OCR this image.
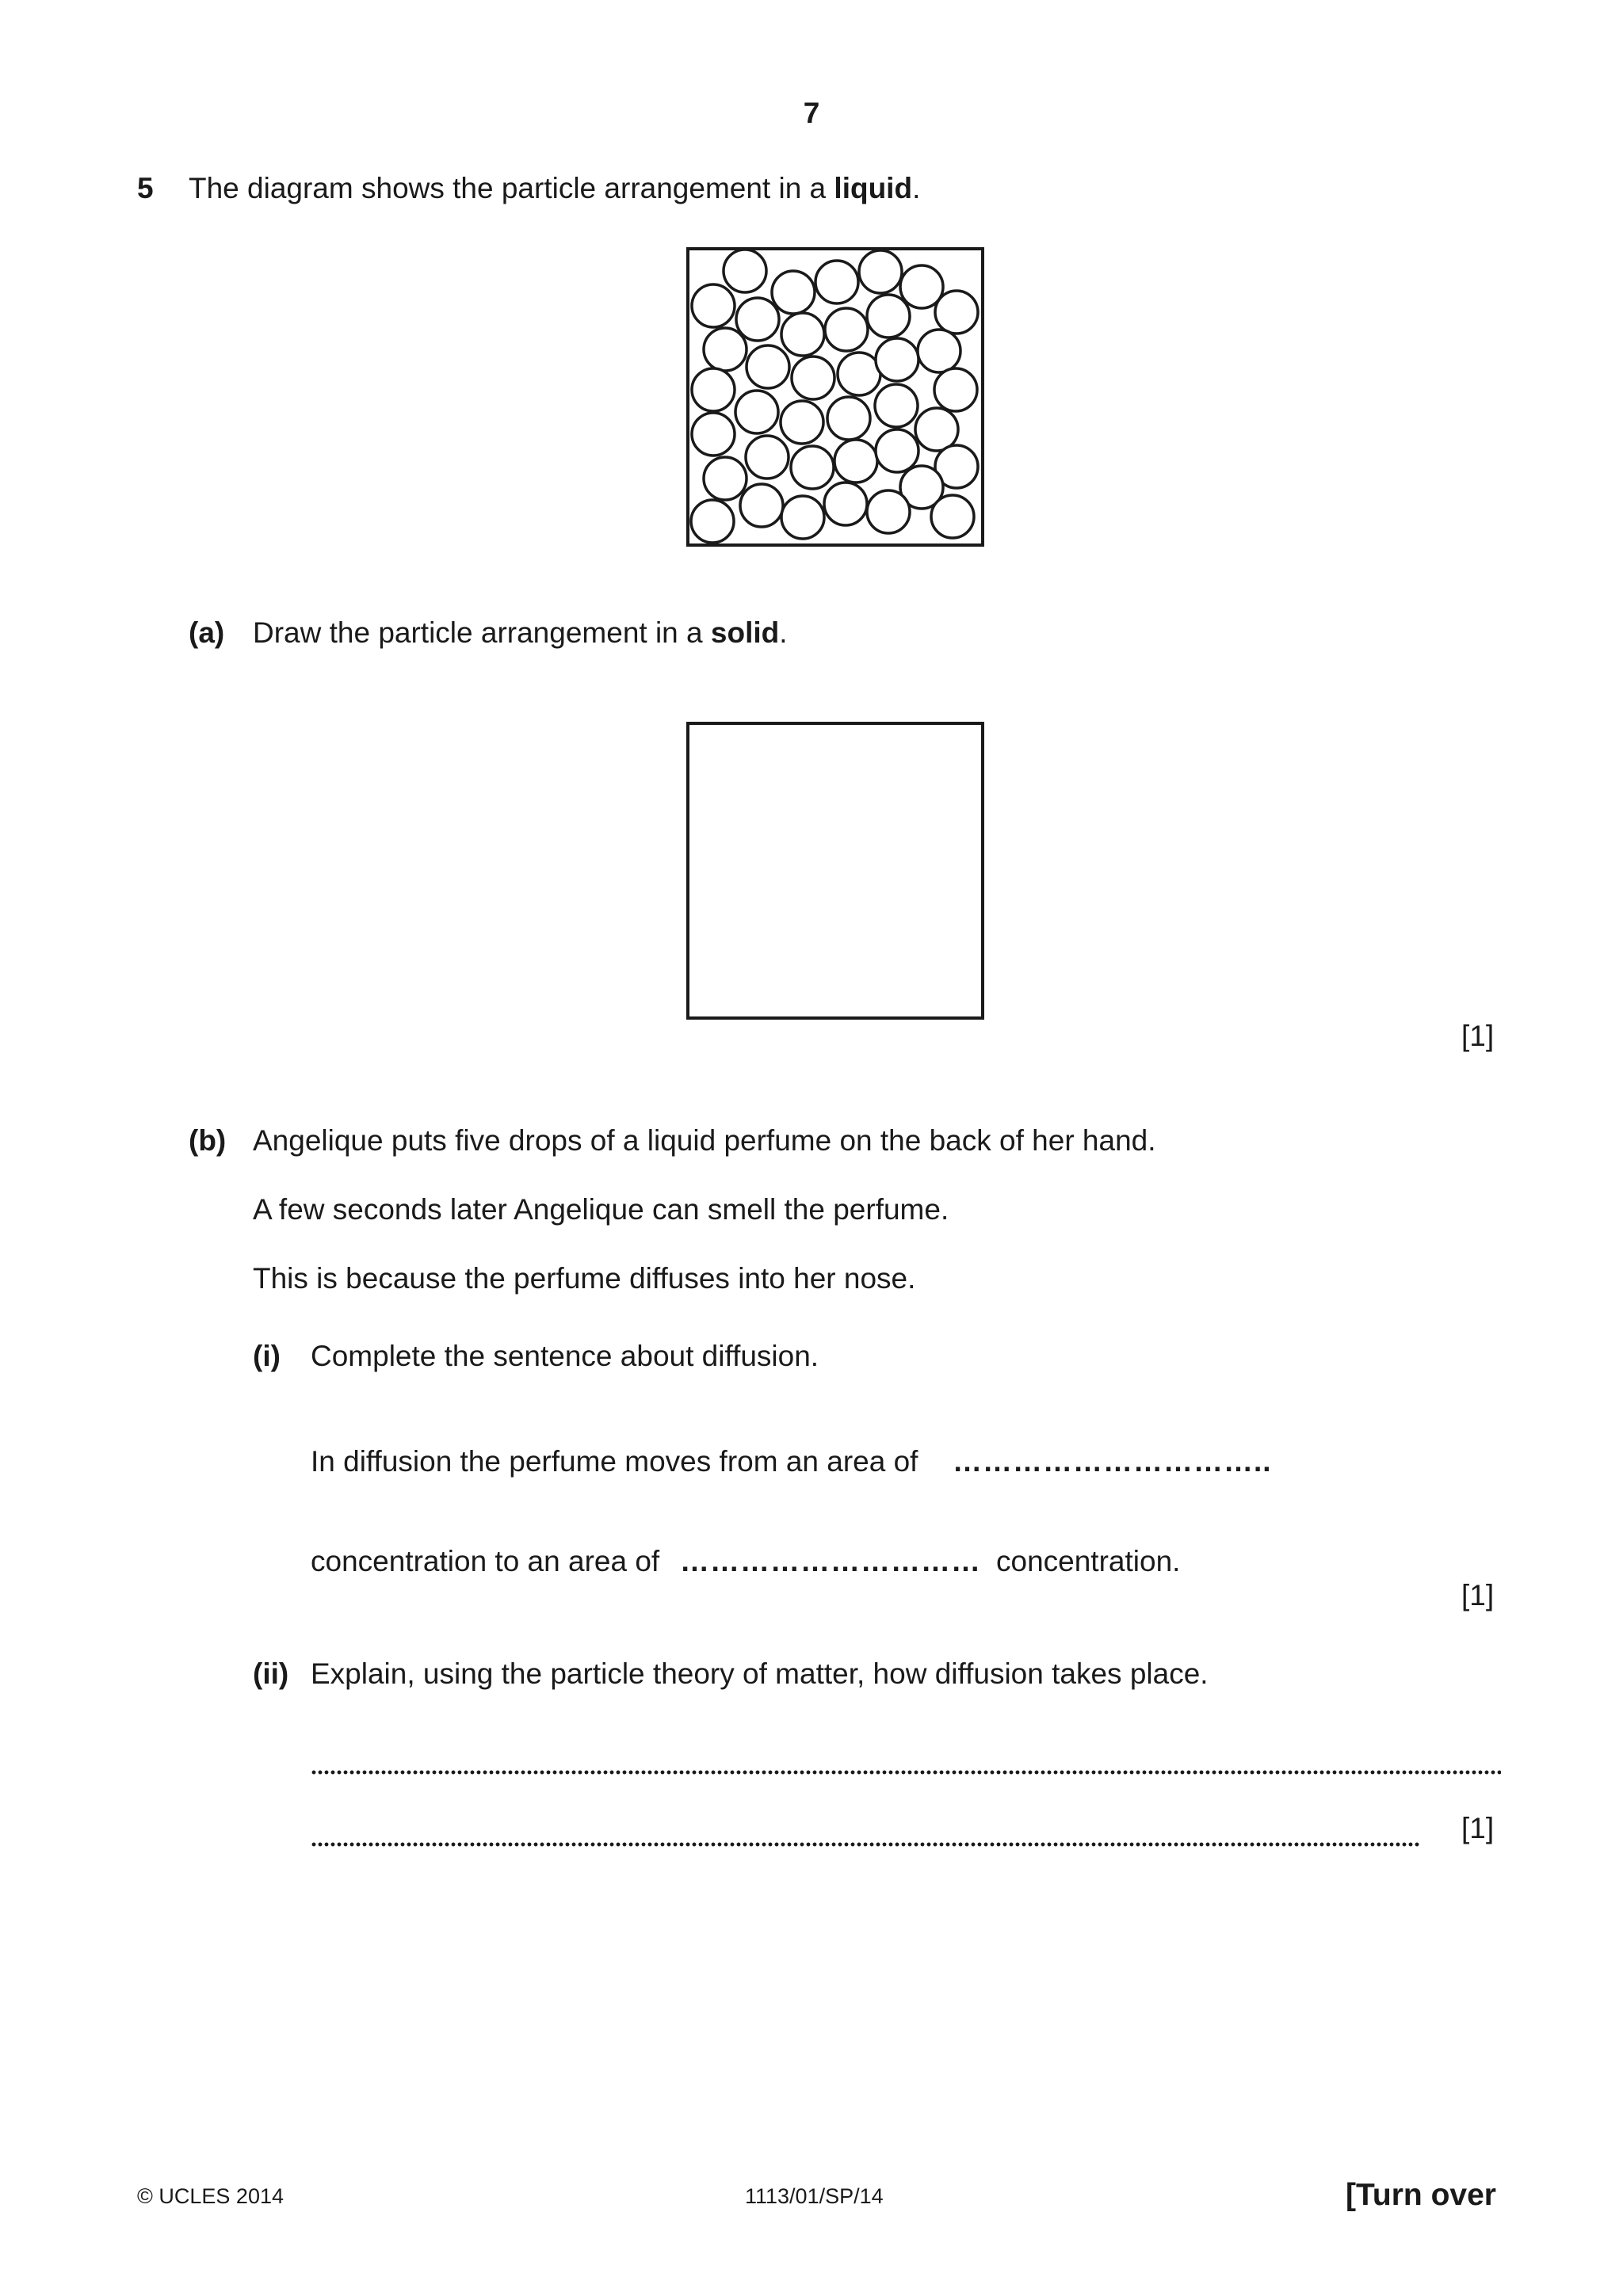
7
5 The diagram shows the particle arrangement in a liquid.
(a) Draw the particle arrangement in a solid.
[1]
(b) Angelique puts five drops of a liquid perfume on the back of her hand.
A few seconds later Angelique can smell the perfume.
This is because the perfume diffuses into her nose.
(i) Complete the sentence about diffusion.
In diffusion the perfume moves from an area of …………………………..
concentration to an area of ………………………… concentration.
[1]
(ii) Explain, using the particle theory of matter, how diffusion takes place.
[1]
© UCLES 2014	1113/01/SP/14	[Turn over
